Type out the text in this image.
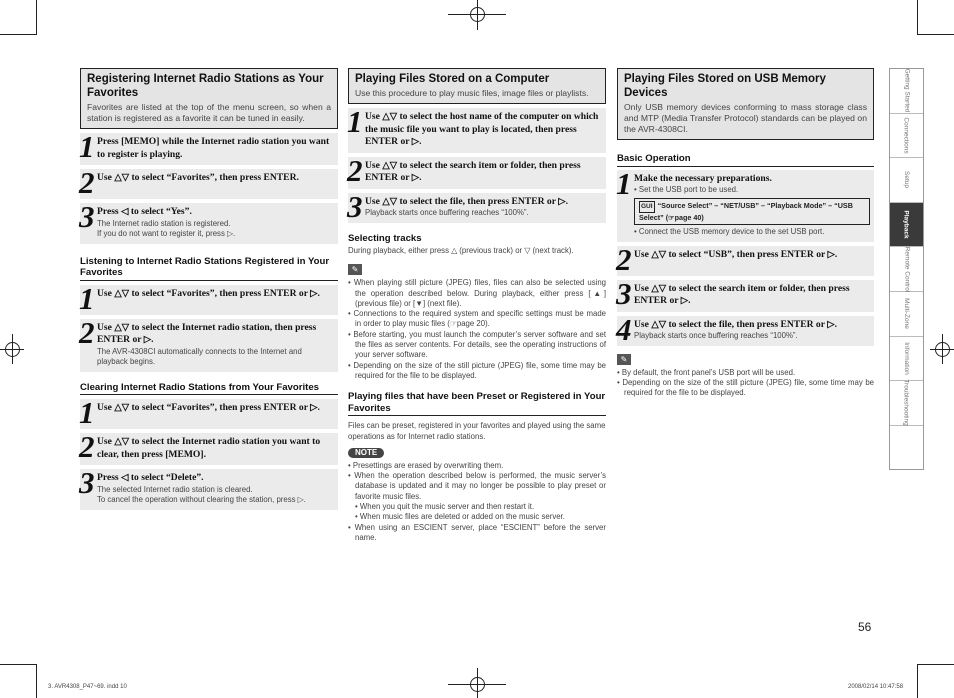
Registering Internet Radio Stations as Your Favorites
Favorites are listed at the top of the menu screen, so when a station is registered as a favorite it can be tuned in easily.
1 Press [MEMO] while the Internet radio station you want to register is playing.
2 Use △▽ to select “Favorites”, then press ENTER.
3 Press ◁ to select “Yes”.
The Internet radio station is registered.
If you do not want to register it, press ▷.
Listening to Internet Radio Stations Registered in Your Favorites
1 Use △▽ to select “Favorites”, then press ENTER or ▷.
2 Use △▽ to select the Internet radio station, then press ENTER or ▷.
The AVR-4308CI automatically connects to the Internet and playback begins.
Clearing Internet Radio Stations from Your Favorites
1 Use △▽ to select “Favorites”, then press ENTER or ▷.
2 Use △▽ to select the Internet radio station you want to clear, then press [MEMO].
3 Press ◁ to select “Delete”.
The selected Internet radio station is cleared.
To cancel the operation without clearing the station, press ▷.
Playing Files Stored on a Computer
Use this procedure to play music files, image files or playlists.
1 Use △▽ to select the host name of the computer on which the music file you want to play is located, then press ENTER or ▷.
2 Use △▽ to select the search item or folder, then press ENTER or ▷.
3 Use △▽ to select the file, then press ENTER or ▷.
Playback starts once buffering reaches “100%”.
Selecting tracks
During playback, either press △ (previous track) or ▽ (next track).
✎
• When playing still picture (JPEG) files, files can also be selected using the operation described below. During playback, either press [▲] (previous file) or [▼] (next file).
• Connections to the required system and specific settings must be made in order to play music files (☞page 20).
• Before starting, you must launch the computer’s server software and set the files as server contents. For details, see the operating instructions of your server software.
• Depending on the size of the still picture (JPEG) file, some time may be required for the file to be displayed.
Playing files that have been Preset or Registered in Your Favorites
Files can be preset, registered in your favorites and played using the same operations as for Internet radio stations.
NOTE
• Presettings are erased by overwriting them.
• When the operation described below is performed, the music server’s database is updated and it may no longer be possible to play preset or favorite music files.
• When you quit the music server and then restart it.
• When music files are deleted or added on the music server.
• When using an ESCIENT server, place “ESCIENT” before the server name.
Playing Files Stored on USB Memory Devices
Only USB memory devices conforming to mass storage class and MTP (Media Transfer Protocol) standards can be played on the AVR-4308CI.
Basic Operation
1 Make the necessary preparations.
• Set the USB port to be used.
GUI “Source Select” – “NET/USB” – “Playback Mode” – “USB Select” (☞page 40)
• Connect the USB memory device to the set USB port.
2 Use △▽ to select “USB”, then press ENTER or ▷.
3 Use △▽ to select the search item or folder, then press ENTER or ▷.
4 Use △▽ to select the file, then press ENTER or ▷.
Playback starts once buffering reaches “100%”.
✎
• By default, the front panel’s USB port will be used.
• Depending on the size of the still picture (JPEG) file, some time may be required for the file to be displayed.
Getting Started
Connections
Setup
Playback
Remote Control
Multi-Zone
Information
Troubleshooting
56
3. AVR4308_P47~69. indd 10	2008/02/14 10:47:58
